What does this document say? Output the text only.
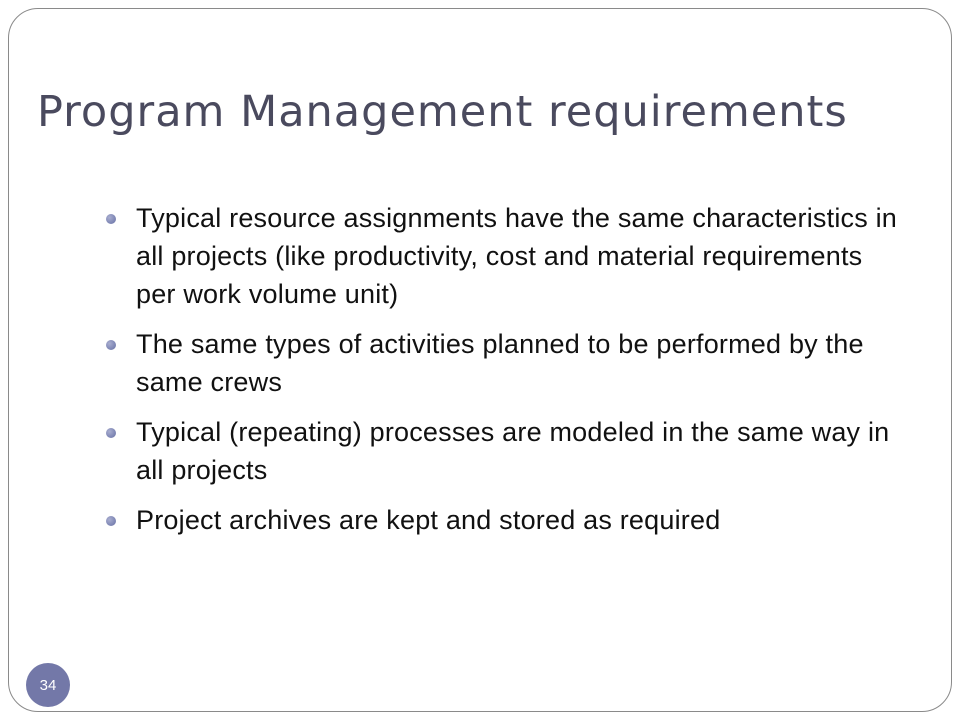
Program Management requirements
Typical resource assignments have the same characteristics in all projects (like productivity, cost and material requirements per work volume unit)
The same types of activities planned to be performed by the same crews
Typical (repeating) processes are modeled in the same way in all projects
Project archives are kept and stored as required
34
